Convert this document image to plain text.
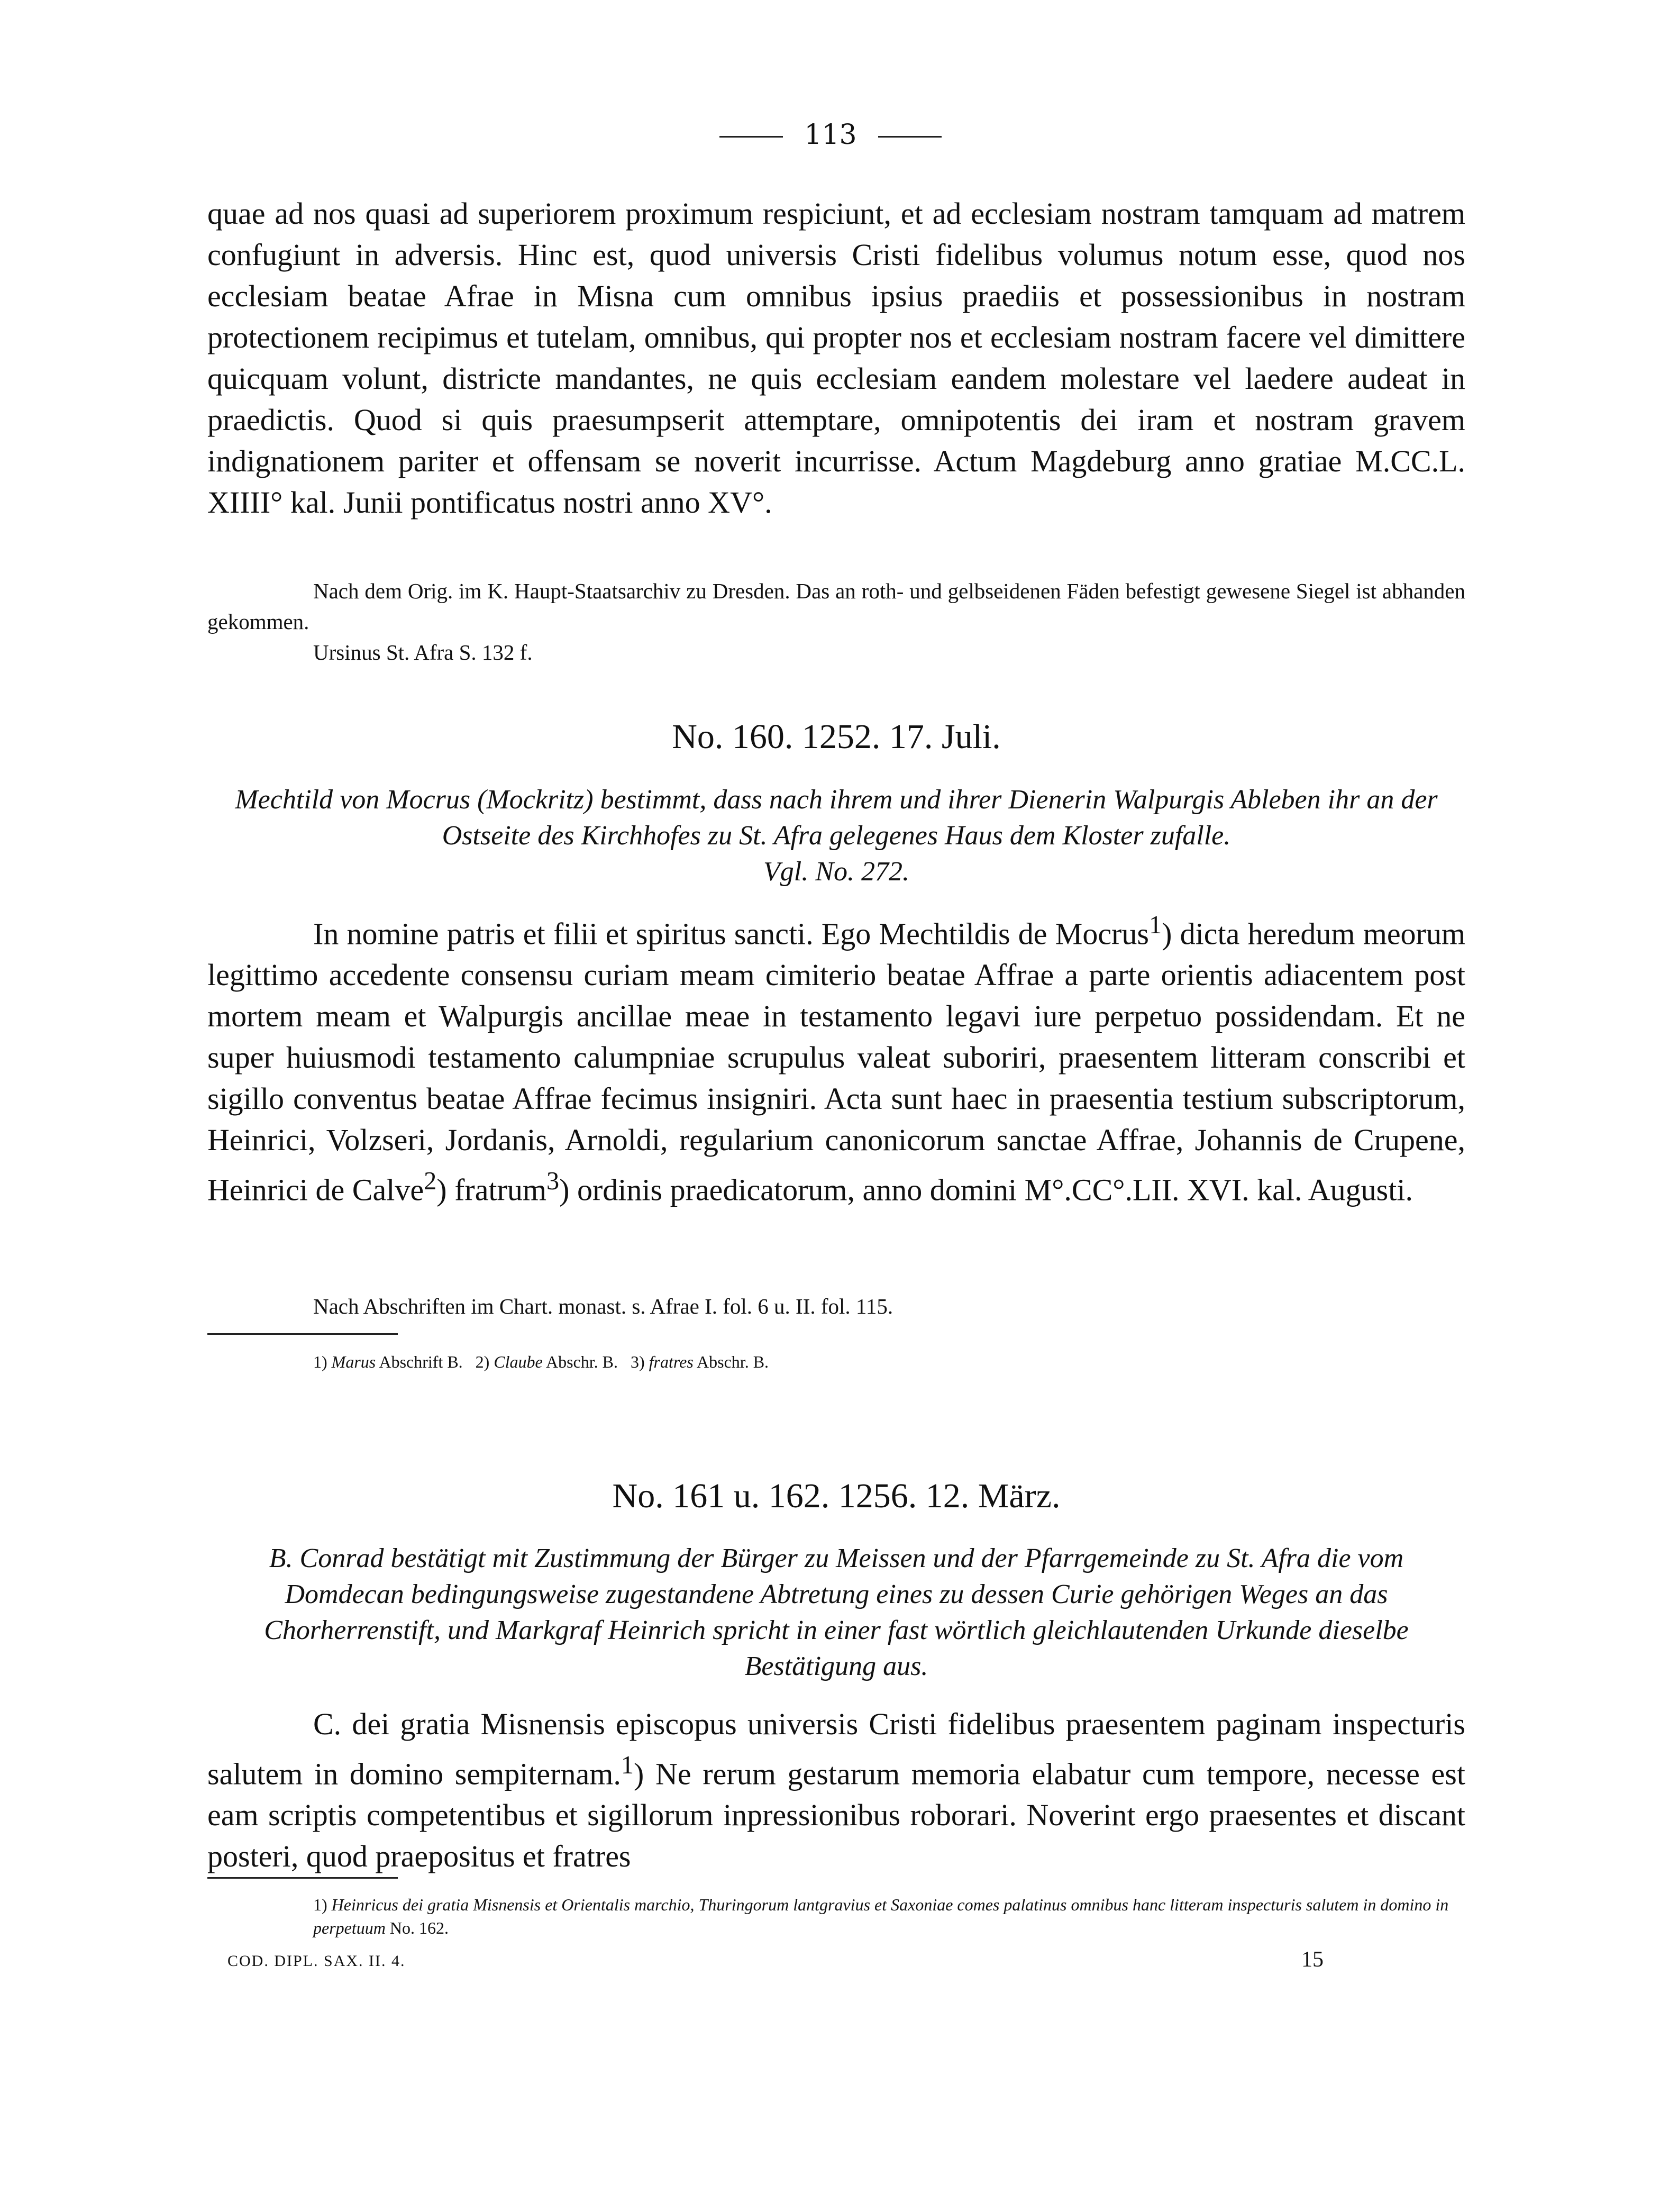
113
quae ad nos quasi ad superiorem proximum respiciunt, et ad ecclesiam nostram tamquam ad matrem confugiunt in adversis. Hinc est, quod universis Cristi fidelibus volumus notum esse, quod nos ecclesiam beatae Afrae in Misna cum omnibus ipsius praediis et possessionibus in nostram protectionem recipimus et tutelam, omnibus, qui propter nos et ecclesiam nostram facere vel dimittere quicquam volunt, districte mandantes, ne quis ecclesiam eandem molestare vel laedere audeat in praedictis. Quod si quis praesumpserit attemptare, omnipotentis dei iram et nostram gravem indignationem pariter et offensam se noverit incurrisse. Actum Magdeburg anno gratiae M.CC.L. XIIII° kal. Junii pontificatus nostri anno XV°.
Nach dem Orig. im K. Haupt-Staatsarchiv zu Dresden. Das an roth- und gelbseidenen Fäden befestigt gewesene Siegel ist abhanden gekommen.
Ursinus St. Afra S. 132 f.
No. 160. 1252. 17. Juli.
Mechtild von Mocrus (Mockritz) bestimmt, dass nach ihrem und ihrer Dienerin Walpurgis Ableben ihr an der Ostseite des Kirchhofes zu St. Afra gelegenes Haus dem Kloster zufalle.
Vgl. No. 272.
In nomine patris et filii et spiritus sancti. Ego Mechtildis de Mocrus$^1$) dicta heredum meorum legittimo accedente consensu curiam meam cimiterio beatae Affrae a parte orientis adiacentem post mortem meam et Walpurgis ancillae meae in testamento legavi iure perpetuo possidendam. Et ne super huiusmodi testamento calumpniae scrupulus valeat suboriri, praesentem litteram conscribi et sigillo conventus beatae Affrae fecimus insigniri. Acta sunt haec in praesentia testium subscriptorum, Heinrici, Volzseri, Jordanis, Arnoldi, regularium canonicorum sanctae Affrae, Johannis de Crupene, Heinrici de Calve$^2$) fratrum$^3$) ordinis praedicatorum, anno domini M°.CC°.LII. XVI. kal. Augusti.
Nach Abschriften im Chart. monast. s. Afrae I. fol. 6 u. II. fol. 115.
1) Marus Abschrift B. 2) Claube Abschr. B. 3) fratres Abschr. B.
No. 161 u. 162. 1256. 12. März.
B. Conrad bestätigt mit Zustimmung der Bürger zu Meissen und der Pfarrgemeinde zu St. Afra die vom Domdecan bedingungsweise zugestandene Abtretung eines zu dessen Curie gehörigen Weges an das Chorherrenstift, und Markgraf Heinrich spricht in einer fast wörtlich gleichlautenden Urkunde dieselbe Bestätigung aus.
C. dei gratia Misnensis episcopus universis Cristi fidelibus praesentem paginam inspecturis salutem in domino sempiternam.$^1$) Ne rerum gestarum memoria elabatur cum tempore, necesse est eam scriptis competentibus et sigillorum inpressionibus roborari. Noverint ergo praesentes et discant posteri, quod praepositus et fratres
1) Heinricus dei gratia Misnensis et Orientalis marchio, Thuringorum lantgravius et Saxoniae comes palatinus omnibus hanc litteram inspecturis salutem in domino in perpetuum No. 162.
COD. DIPL. SAX. II. 4.	15
